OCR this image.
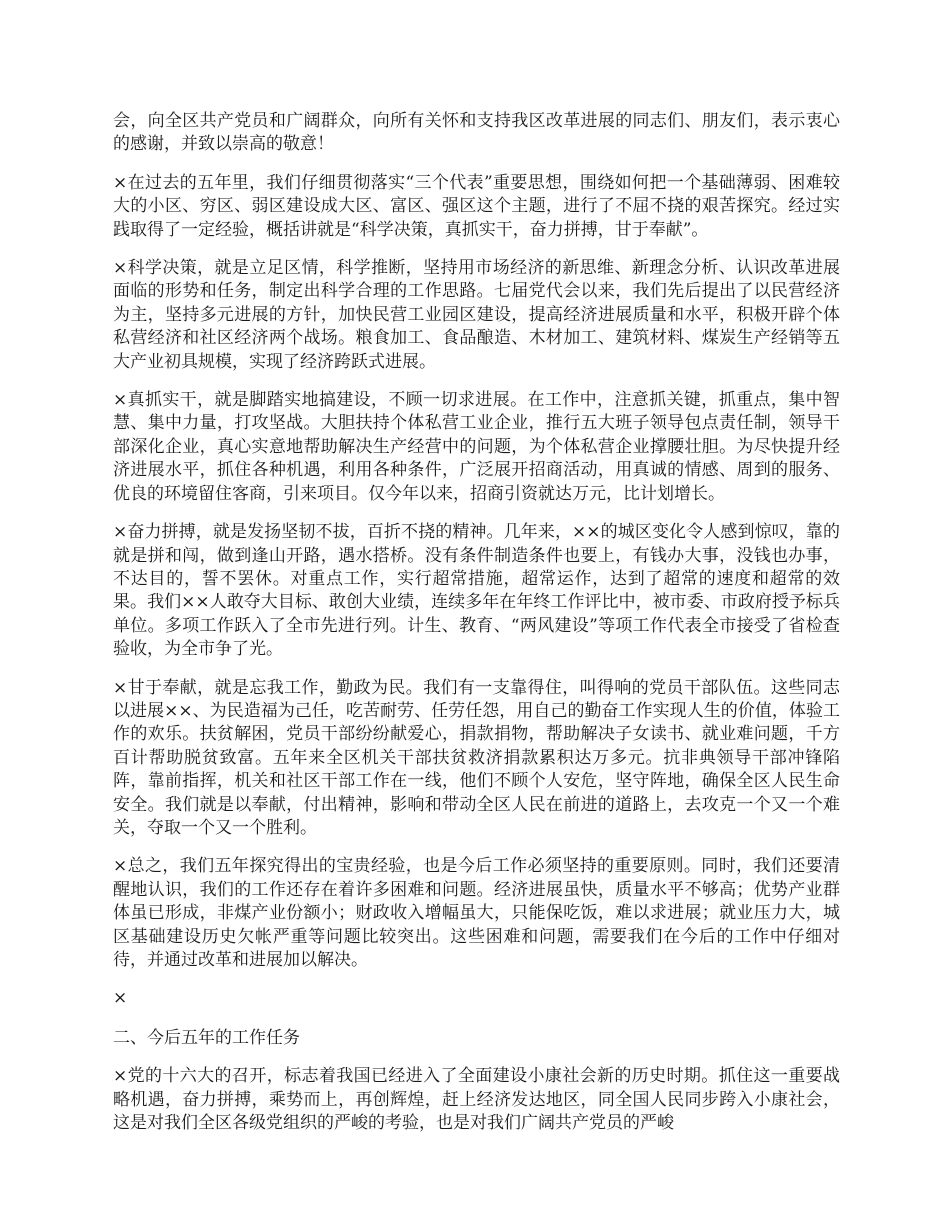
会，向全区共产党员和广阔群众，向所有关怀和支持我区改革进展的同志们、朋友们，表示衷心的感谢，并致以崇高的敬意！

×在过去的五年里，我们仔细贯彻落实“三个代表”重要思想，围绕如何把一个基础薄弱、困难较大的小区、穷区、弱区建设成大区、富区、强区这个主题，进行了不屈不挠的艰苦探究。经过实践取得了一定经验，概括讲就是“科学决策，真抓实干，奋力拼搏，甘于奉献”。

×科学决策，就是立足区情，科学推断，坚持用市场经济的新思维、新理念分析、认识改革进展面临的形势和任务，制定出科学合理的工作思路。七届党代会以来，我们先后提出了以民营经济为主，坚持多元进展的方针，加快民营工业园区建设，提高经济进展质量和水平，积极开辟个体私营经济和社区经济两个战场。粮食加工、食品酿造、木材加工、建筑材料、煤炭生产经销等五大产业初具规模，实现了经济跨跃式进展。

×真抓实干，就是脚踏实地搞建设，不顾一切求进展。在工作中，注意抓关键，抓重点，集中智慧、集中力量，打攻坚战。大胆扶持个体私营工业企业，推行五大班子领导包点责任制，领导干部深化企业，真心实意地帮助解决生产经营中的问题，为个体私营企业撑腰壮胆。为尽快提升经济进展水平，抓住各种机遇，利用各种条件，广泛展开招商活动，用真诚的情感、周到的服务、优良的环境留住客商，引来项目。仅今年以来，招商引资就达万元，比计划增长。

×奋力拼搏，就是发扬坚韧不拔，百折不挠的精神。几年来，××的城区变化令人感到惊叹，靠的就是拼和闯，做到逢山开路，遇水搭桥。没有条件制造条件也要上，有钱办大事，没钱也办事，不达目的，誓不罢休。对重点工作，实行超常措施，超常运作，达到了超常的速度和超常的效果。我们××人敢夺大目标、敢创大业绩，连续多年在年终工作评比中，被市委、市政府授予标兵单位。多项工作跃入了全市先进行列。计生、教育、“两风建设”等项工作代表全市接受了省检查验收，为全市争了光。

×甘于奉献，就是忘我工作，勤政为民。我们有一支靠得住，叫得响的党员干部队伍。这些同志以进展××、为民造福为己任，吃苦耐劳、任劳任怨，用自己的勤奋工作实现人生的价值，体验工作的欢乐。扶贫解困，党员干部纷纷献爱心，捐款捐物，帮助解决子女读书、就业难问题，千方百计帮助脱贫致富。五年来全区机关干部扶贫救济捐款累积达万多元。抗非典领导干部冲锋陷阵，靠前指挥，机关和社区干部工作在一线，他们不顾个人安危，坚守阵地，确保全区人民生命安全。我们就是以奉献，付出精神，影响和带动全区人民在前进的道路上，去攻克一个又一个难关，夺取一个又一个胜利。

×总之，我们五年探究得出的宝贵经验，也是今后工作必须坚持的重要原则。同时，我们还要清醒地认识，我们的工作还存在着许多困难和问题。经济进展虽快，质量水平不够高；优势产业群体虽已形成，非煤产业份额小；财政收入增幅虽大，只能保吃饭，难以求进展；就业压力大，城区基础建设历史欠帐严重等问题比较突出。这些困难和问题，需要我们在今后的工作中仔细对待，并通过改革和进展加以解决。

×

二、今后五年的工作任务

×党的十六大的召开，标志着我国已经进入了全面建设小康社会新的历史时期。抓住这一重要战略机遇，奋力拼搏，乘势而上，再创辉煌，赶上经济发达地区，同全国人民同步跨入小康社会，这是对我们全区各级党组织的严峻的考验，也是对我们广阔共产党员的严峻
